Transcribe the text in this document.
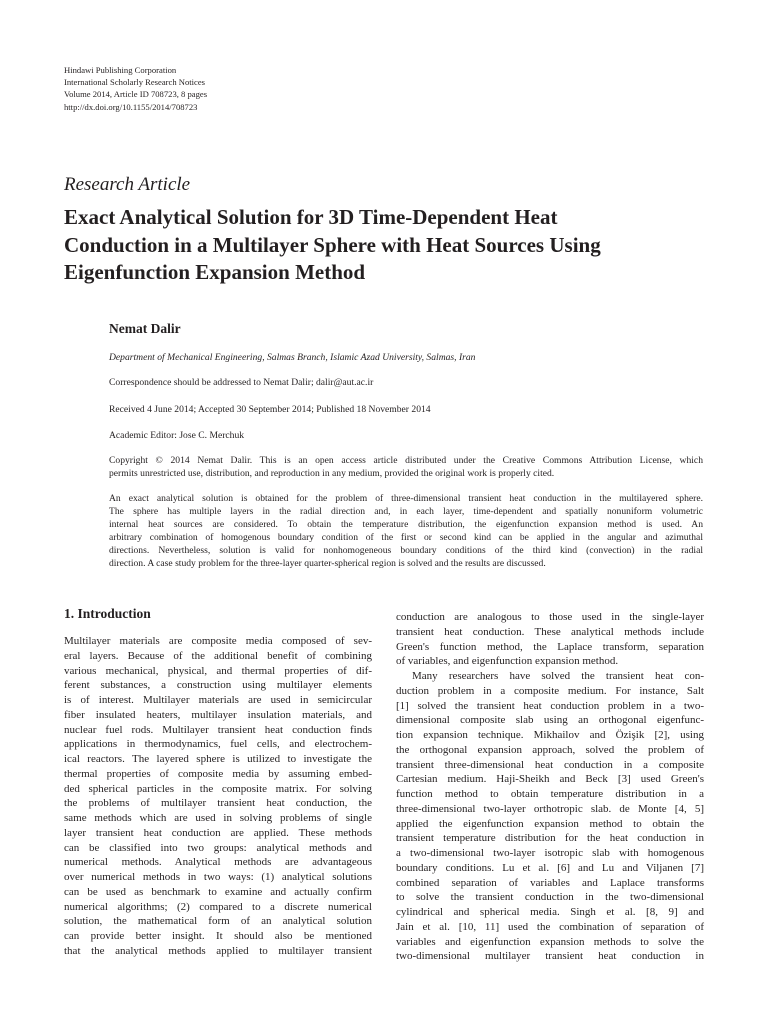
Hindawi Publishing Corporation
International Scholarly Research Notices
Volume 2014, Article ID 708723, 8 pages
http://dx.doi.org/10.1155/2014/708723
Research Article
Exact Analytical Solution for 3D Time-Dependent Heat
Conduction in a Multilayer Sphere with Heat Sources Using
Eigenfunction Expansion Method
Nemat Dalir
Department of Mechanical Engineering, Salmas Branch, Islamic Azad University, Salmas, Iran
Correspondence should be addressed to Nemat Dalir; dalir@aut.ac.ir
Received 4 June 2014; Accepted 30 September 2014; Published 18 November 2014
Academic Editor: Jose C. Merchuk
Copyright © 2014 Nemat Dalir. This is an open access article distributed under the Creative Commons Attribution License, which
permits unrestricted use, distribution, and reproduction in any medium, provided the original work is properly cited.
An exact analytical solution is obtained for the problem of three-dimensional transient heat conduction in the multilayered sphere.
The sphere has multiple layers in the radial direction and, in each layer, time-dependent and spatially nonuniform volumetric
internal heat sources are considered. To obtain the temperature distribution, the eigenfunction expansion method is used. An
arbitrary combination of homogenous boundary condition of the first or second kind can be applied in the angular and azimuthal
directions. Nevertheless, solution is valid for nonhomogeneous boundary conditions of the third kind (convection) in the radial
direction. A case study problem for the three-layer quarter-spherical region is solved and the results are discussed.
1. Introduction
Multilayer materials are composite media composed of sev-
eral layers. Because of the additional benefit of combining
various mechanical, physical, and thermal properties of dif-
ferent substances, a construction using multilayer elements
is of interest. Multilayer materials are used in semicircular
fiber insulated heaters, multilayer insulation materials, and
nuclear fuel rods. Multilayer transient heat conduction finds
applications in thermodynamics, fuel cells, and electrochem-
ical reactors. The layered sphere is utilized to investigate the
thermal properties of composite media by assuming embed-
ded spherical particles in the composite matrix. For solving
the problems of multilayer transient heat conduction, the
same methods which are used in solving problems of single
layer transient heat conduction are applied. These methods
can be classified into two groups: analytical methods and
numerical methods. Analytical methods are advantageous
over numerical methods in two ways: (1) analytical solutions
can be used as benchmark to examine and actually confirm
numerical algorithms; (2) compared to a discrete numerical
solution, the mathematical form of an analytical solution
can provide better insight. It should also be mentioned
that the analytical methods applied to multilayer transient
conduction are analogous to those used in the single-layer
transient heat conduction. These analytical methods include
Green's function method, the Laplace transform, separation
of variables, and eigenfunction expansion method.
Many researchers have solved the transient heat con-
duction problem in a composite medium. For instance, Salt
[1] solved the transient heat conduction problem in a two-
dimensional composite slab using an orthogonal eigenfunc-
tion expansion technique. Mikhailov and Özişik [2], using
the orthogonal expansion approach, solved the problem of
transient three-dimensional heat conduction in a composite
Cartesian medium. Haji-Sheikh and Beck [3] used Green's
function method to obtain temperature distribution in a
three-dimensional two-layer orthotropic slab. de Monte [4, 5]
applied the eigenfunction expansion method to obtain the
transient temperature distribution for the heat conduction in
a two-dimensional two-layer isotropic slab with homogenous
boundary conditions. Lu et al. [6] and Lu and Viljanen [7]
combined separation of variables and Laplace transforms
to solve the transient conduction in the two-dimensional
cylindrical and spherical media. Singh et al. [8, 9] and
Jain et al. [10, 11] used the combination of separation of
variables and eigenfunction expansion methods to solve the
two-dimensional multilayer transient heat conduction in
